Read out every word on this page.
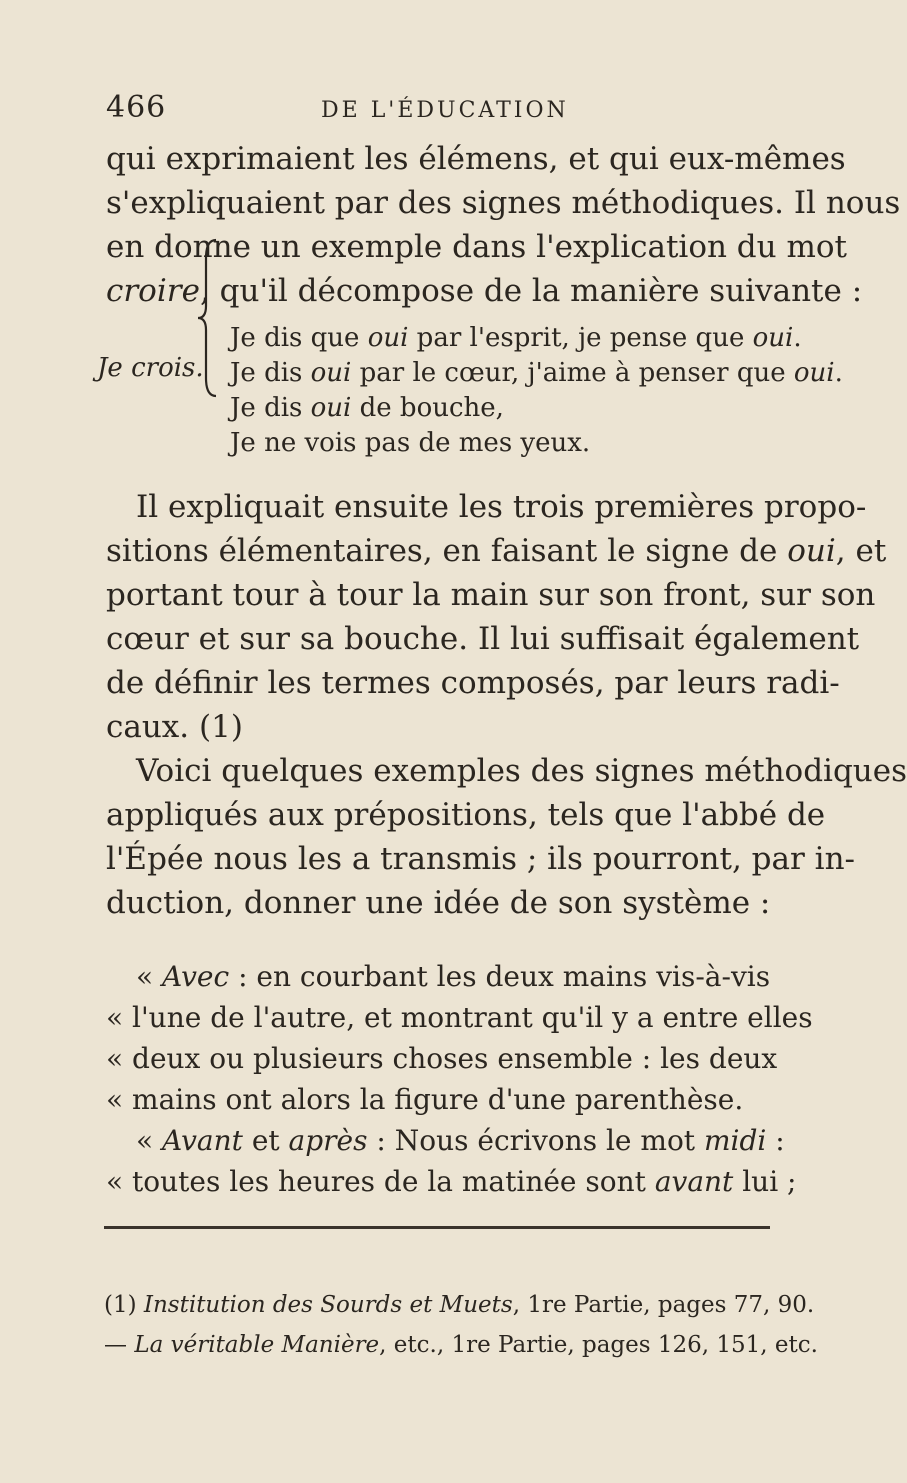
466	DE L'ÉDUCATION
qui exprimaient les élémens, et qui eux-mêmes
s'expliquaient par des signes méthodiques. Il nous
en donne un exemple dans l'explication du mot
croire, qu'il décompose de la manière suivante :
Je crois.
Je dis que oui par l'esprit, je pense que oui.
Je dis oui par le cœur, j'aime à penser que oui.
Je dis oui de bouche,
Je ne vois pas de mes yeux.
Il expliquait ensuite les trois premières propo-
sitions élémentaires, en faisant le signe de oui, et
portant tour à tour la main sur son front, sur son
cœur et sur sa bouche. Il lui suffisait également
de définir les termes composés, par leurs radi-
caux. (1)
Voici quelques exemples des signes méthodiques
appliqués aux prépositions, tels que l'abbé de
l'Épée nous les a transmis ; ils pourront, par in-
duction, donner une idée de son système :
« Avec : en courbant les deux mains vis-à-vis
« l'une de l'autre, et montrant qu'il y a entre elles
« deux ou plusieurs choses ensemble : les deux
« mains ont alors la figure d'une parenthèse.
« Avant et après : Nous écrivons le mot midi :
« toutes les heures de la matinée sont avant lui ;
(1) Institution des Sourds et Muets, 1re Partie, pages 77, 90.
— La véritable Manière, etc., 1re Partie, pages 126, 151, etc.
